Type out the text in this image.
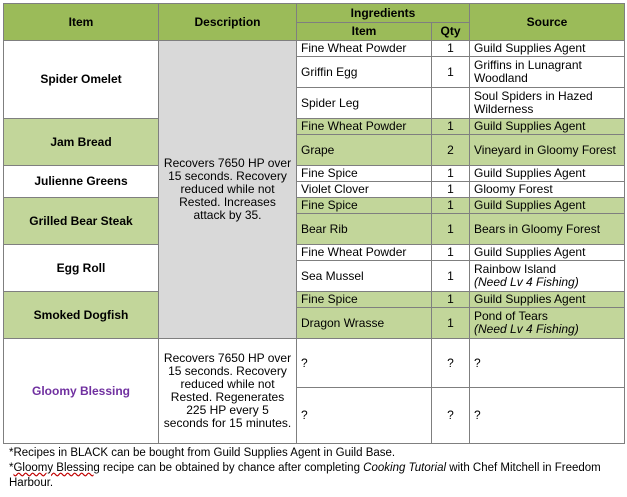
Item	Description	Ingredients		Source
		Item	Qty	
Spider Omelet	Recovers 7650 HP over 15 seconds. Recovery reduced while not Rested. Increases attack by 35.	Fine Wheat Powder	1	Guild Supplies Agent
		Griffin Egg	1	Griffins in Lunagrant Woodland
		Spider Leg		Soul Spiders in Hazed Wilderness
Jam Bread		Fine Wheat Powder	1	Guild Supplies Agent
		Grape	2	Vineyard in Gloomy Forest
Julienne Greens		Fine Spice	1	Guild Supplies Agent
		Violet Clover	1	Gloomy Forest
Grilled Bear Steak		Fine Spice	1	Guild Supplies Agent
		Bear Rib	1	Bears in Gloomy Forest
Egg Roll		Fine Wheat Powder	1	Guild Supplies Agent
		Sea Mussel	1	Rainbow Island
(Need Lv 4 Fishing)
Smoked Dogfish		Fine Spice	1	Guild Supplies Agent
		Dragon Wrasse	1	Pond of Tears
(Need Lv 4 Fishing)
Gloomy Blessing	Recovers 7650 HP over 15 seconds. Recovery reduced while not Rested. Regenerates 225 HP every 5 seconds for 15 minutes.	?	?	?
		?	?	?
*Recipes in BLACK can be bought from Guild Supplies Agent in Guild Base.
*Gloomy Blessing recipe can be obtained by chance after completing Cooking Tutorial with Chef Mitchell in Freedom Harbour.
